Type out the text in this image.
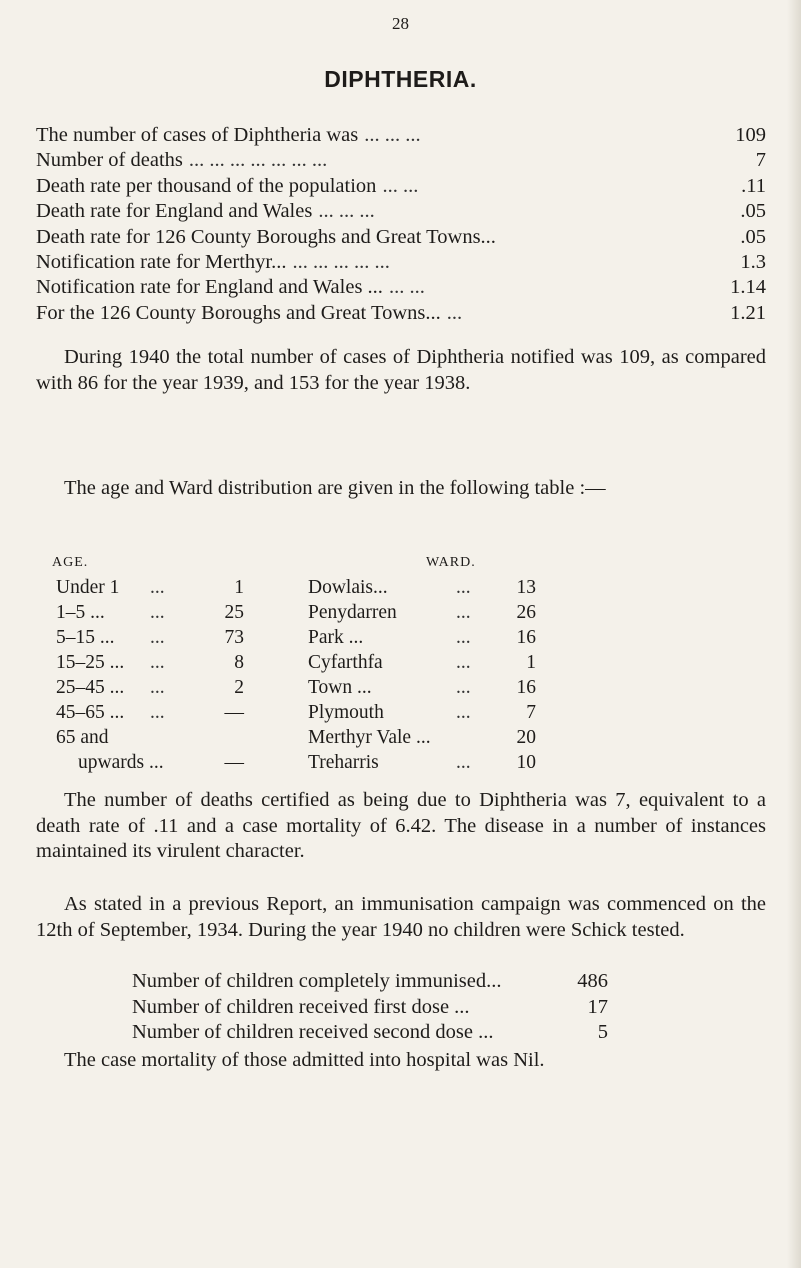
28
DIPHTHERIA.
The number of cases of Diphtheria was ... ... ...	109
Number of deaths ... ... ... ... ... ... ...	7
Death rate per thousand of the population ... ...	.11
Death rate for England and Wales ... ... ...	.05
Death rate for 126 County Boroughs and Great Towns...	.05
Notification rate for Merthyr... ... ... ... ... ...	1.3
Notification rate for England and Wales ... ... ...	1.14
For the 126 County Boroughs and Great Towns... ...	1.21
During 1940 the total number of cases of Diphtheria notified was 109, as compared with 86 for the year 1939, and 153 for the year 1938.
The age and Ward distribution are given in the following table :—
AGE.	WARD.
Under 1	...	1	Dowlais...	...	13
1–5 ...	...	25	Penydarren	...	26
5–15 ...	...	73	Park ...	...	16
15–25 ...	...	8	Cyfarthfa	...	1
25–45 ...	...	2	Town ...	...	16
45–65 ...	...	—	Plymouth	...	7
65 and	Merthyr Vale ...	20
upwards ...	—	Treharris	...	10
The number of deaths certified as being due to Diphtheria was 7, equivalent to a death rate of .11 and a case mortality of 6.42. The disease in a number of instances maintained its virulent character.
As stated in a previous Report, an immunisation campaign was commenced on the 12th of September, 1934. During the year 1940 no children were Schick tested.
Number of children completely immunised...	486
Number of children received first dose ...	17
Number of children received second dose ...	5
The case mortality of those admitted into hospital was Nil.
